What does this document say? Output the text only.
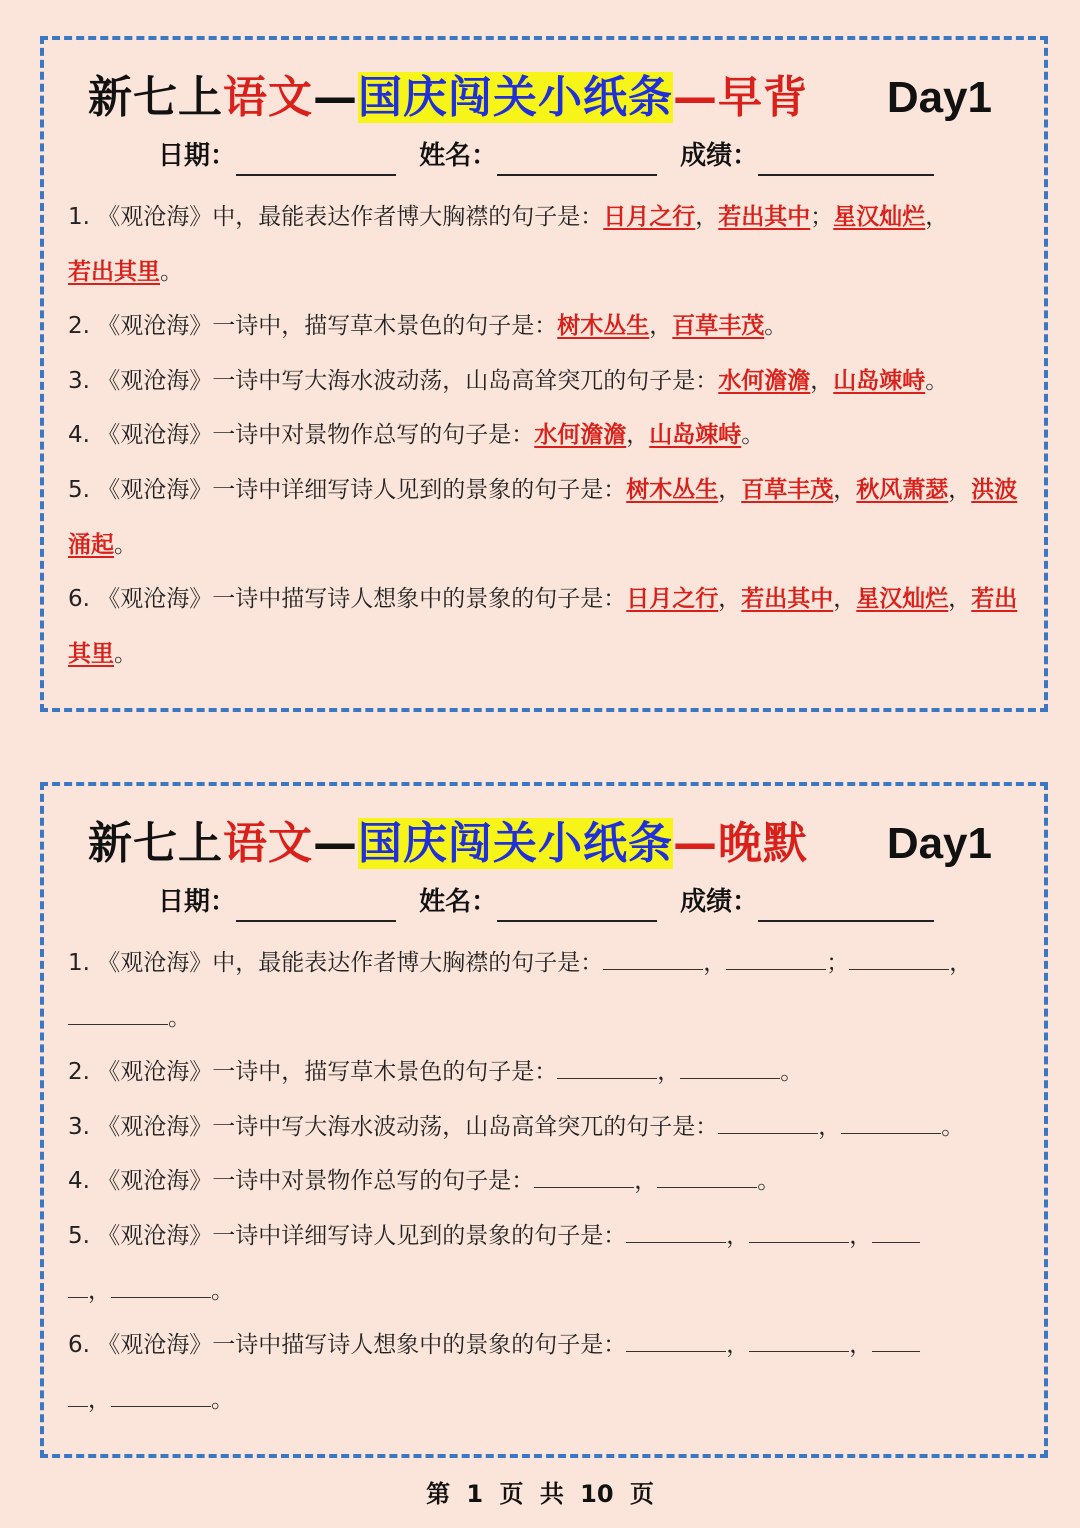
新七上语文—国庆闯关小纸条—早背 Day1
日期：	姓名：	成绩：

1. 《观沧海》中，最能表达作者博大胸襟的句子是：日月之行，若出其中；星汉灿烂，
若出其里。

2. 《观沧海》一诗中，描写草木景色的句子是：树木丛生，百草丰茂。

3. 《观沧海》一诗中写大海水波动荡，山岛高耸突兀的句子是：水何澹澹，山岛竦峙。

4. 《观沧海》一诗中对景物作总写的句子是：水何澹澹，山岛竦峙。

5. 《观沧海》一诗中详细写诗人见到的景象的句子是：树木丛生，百草丰茂，秋风萧瑟，洪波涌起。

6. 《观沧海》一诗中描写诗人想象中的景象的句子是：日月之行，若出其中，星汉灿烂，若出其里。

新七上语文—国庆闯关小纸条—晚默 Day1
日期：	姓名：	成绩：

1. 《观沧海》中，最能表达作者博大胸襟的句子是：	，	；	，
。

2. 《观沧海》一诗中，描写草木景色的句子是：	，	。

3. 《观沧海》一诗中写大海水波动荡，山岛高耸突兀的句子是：	，	。

4. 《观沧海》一诗中对景物作总写的句子是：	，	。

5. 《观沧海》一诗中详细写诗人见到的景象的句子是：	，	，
，	。

6. 《观沧海》一诗中描写诗人想象中的景象的句子是：	，	，
，	。

第 1 页 共 10 页
